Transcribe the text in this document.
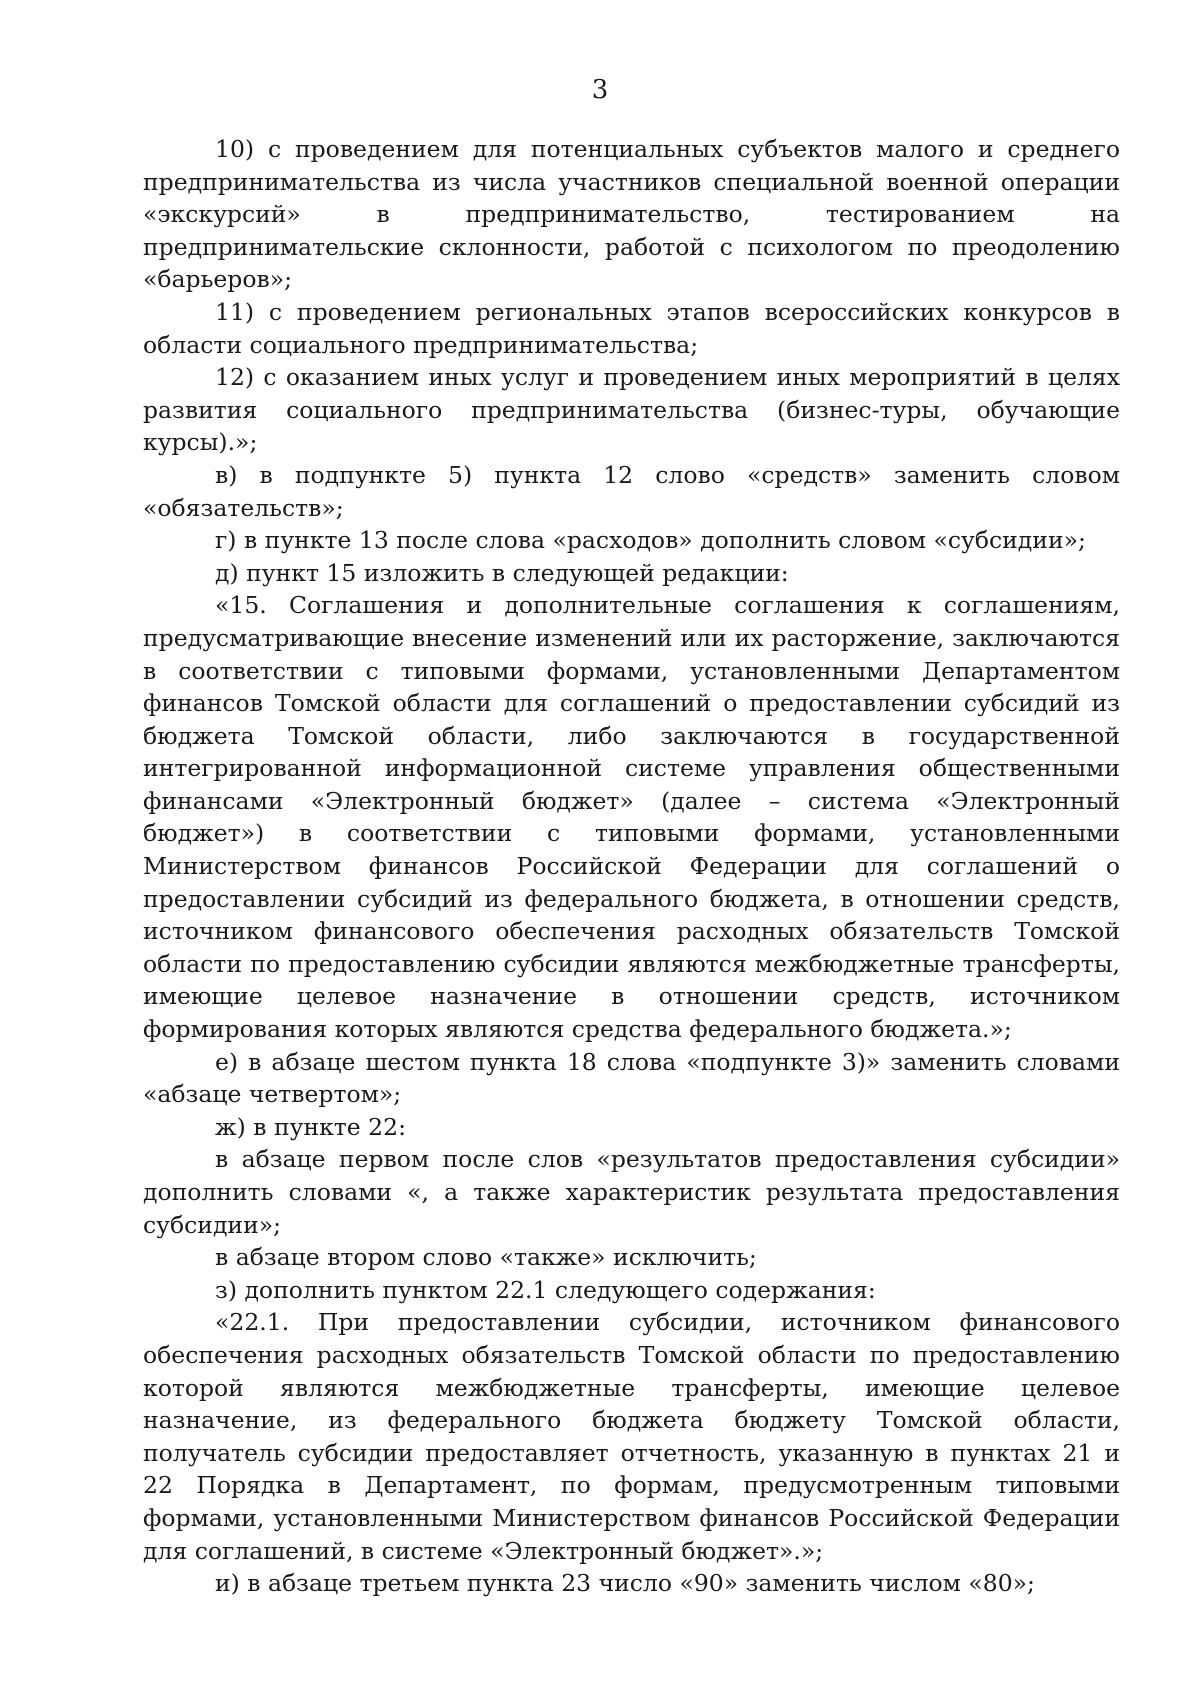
3

10) с проведением для потенциальных субъектов малого и среднего предпринимательства из числа участников специальной военной операции «экскурсий» в предпринимательство, тестированием на предпринимательские склонности, работой с психологом по преодолению «барьеров»;

11) с проведением региональных этапов всероссийских конкурсов в области социального предпринимательства;

12) с оказанием иных услуг и проведением иных мероприятий в целях развития социального предпринимательства (бизнес-туры, обучающие курсы).»;

в) в подпункте 5) пункта 12 слово «средств» заменить словом «обязательств»;

г) в пункте 13 после слова «расходов» дополнить словом «субсидии»;

д) пункт 15 изложить в следующей редакции:

«15. Соглашения и дополнительные соглашения к соглашениям, предусматривающие внесение изменений или их расторжение, заключаются в соответствии с типовыми формами, установленными Департаментом финансов Томской области для соглашений о предоставлении субсидий из бюджета Томской области, либо заключаются в государственной интегрированной информационной системе управления общественными финансами «Электронный бюджет» (далее – система «Электронный бюджет») в соответствии с типовыми формами, установленными Министерством финансов Российской Федерации для соглашений о предоставлении субсидий из федерального бюджета, в отношении средств, источником финансового обеспечения расходных обязательств Томской области по предоставлению субсидии являются межбюджетные трансферты, имеющие целевое назначение в отношении средств, источником формирования которых являются средства федерального бюджета.»;

е) в абзаце шестом пункта 18 слова «подпункте 3)» заменить словами «абзаце четвертом»;

ж) в пункте 22:

в абзаце первом после слов «результатов предоставления субсидии» дополнить словами «, а также характеристик результата предоставления субсидии»;

в абзаце втором слово «также» исключить;

з) дополнить пунктом 22.1 следующего содержания:

«22.1. При предоставлении субсидии, источником финансового обеспечения расходных обязательств Томской области по предоставлению которой являются межбюджетные трансферты, имеющие целевое назначение, из федерального бюджета бюджету Томской области, получатель субсидии предоставляет отчетность, указанную в пунктах 21 и 22 Порядка в Департамент, по формам, предусмотренным типовыми формами, установленными Министерством финансов Российской Федерации для соглашений, в системе «Электронный бюджет».»;

и) в абзаце третьем пункта 23 число «90» заменить числом «80»;
